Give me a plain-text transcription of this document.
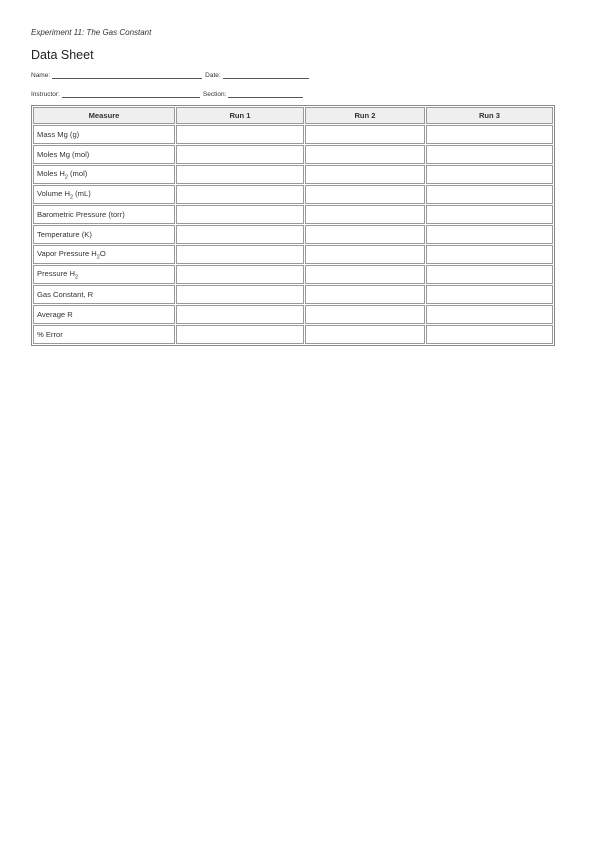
Experiment 11: The Gas Constant
Data Sheet
Name:	Date:
Instructor:	Section:
Measure	Run 1	Run 2	Run 3
Mass Mg (g)			
Moles Mg (mol)			
Moles $H_2$ (mol)			
Volume $H_2$ (mL)			
Barometric Pressure (torr)			
Temperature (K)			
Vapor Pressure $H_2O$			
Pressure $H_2$			
Gas Constant, R			
Average R			
% Error			
